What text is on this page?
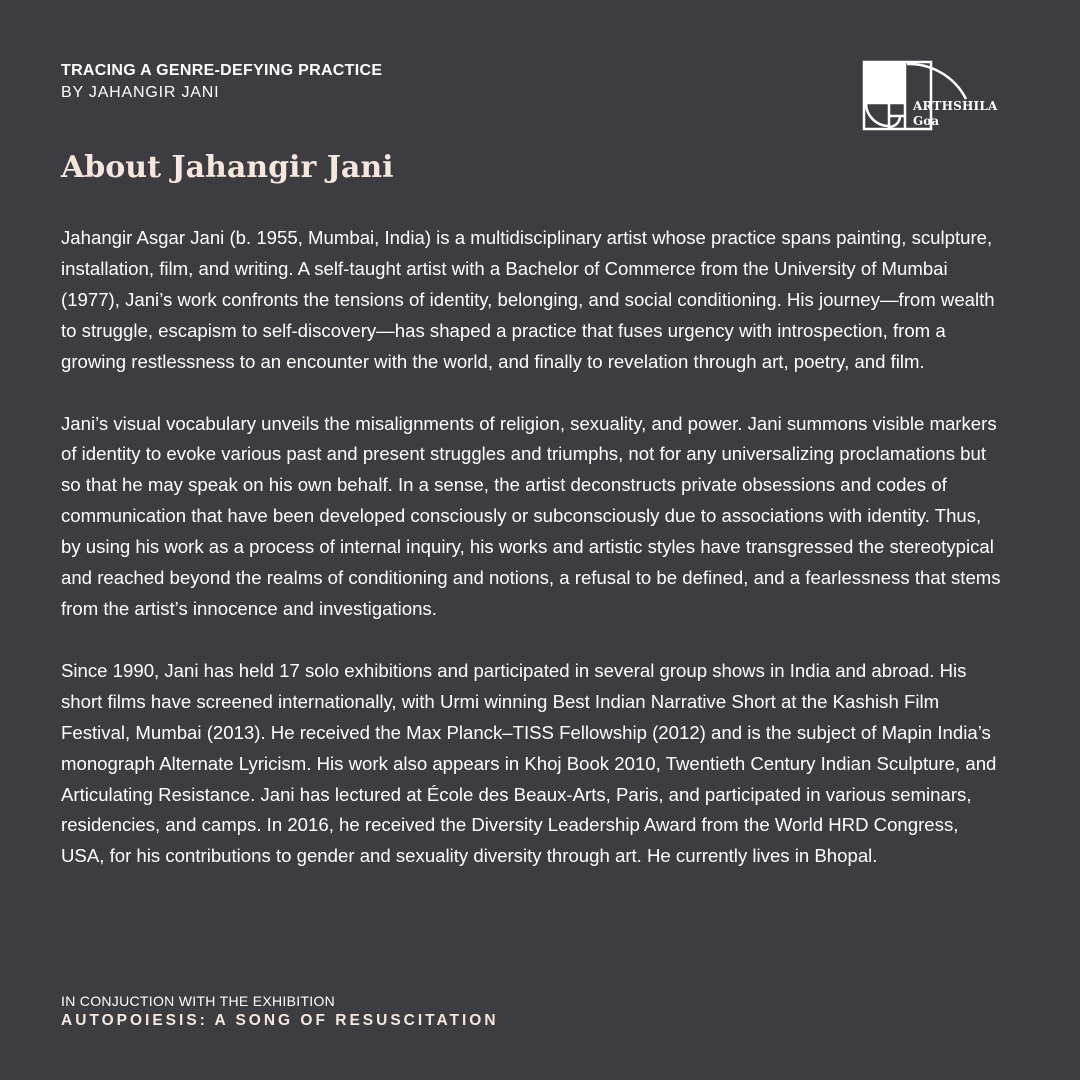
TRACING A GENRE-DEFYING PRACTICE

BY JAHANGIR JANI

ARTHSHILA
Goa
About Jahangir Jani

Jahangir Asgar Jani (b. 1955, Mumbai, India) is a multidisciplinary artist whose practice spans painting, sculpture, installation, film, and writing. A self-taught artist with a Bachelor of Commerce from the University of Mumbai (1977), Jani’s work confronts the tensions of identity, belonging, and social conditioning. His journey—from wealth to struggle, escapism to self-discovery—has shaped a practice that fuses urgency with introspection, from a growing restlessness to an encounter with the world, and finally to revelation through art, poetry, and film.

Jani’s visual vocabulary unveils the misalignments of religion, sexuality, and power. Jani summons visible markers of identity to evoke various past and present struggles and triumphs, not for any universalizing proclamations but so that he may speak on his own behalf. In a sense, the artist deconstructs private obsessions and codes of communication that have been developed consciously or subconsciously due to associations with identity. Thus, by using his work as a process of internal inquiry, his works and artistic styles have transgressed the stereotypical and reached beyond the realms of conditioning and notions, a refusal to be defined, and a fearlessness that stems from the artist’s innocence and investigations.

Since 1990, Jani has held 17 solo exhibitions and participated in several group shows in India and abroad. His short films have screened internationally, with Urmi winning Best Indian Narrative Short at the Kashish Film Festival, Mumbai (2013). He received the Max Planck–TISS Fellowship (2012) and is the subject of Mapin India’s monograph Alternate Lyricism. His work also appears in Khoj Book 2010, Twentieth Century Indian Sculpture, and Articulating Resistance. Jani has lectured at École des Beaux-Arts, Paris, and participated in various seminars, residencies, and camps. In 2016, he received the Diversity Leadership Award from the World HRD Congress, USA, for his contributions to gender and sexuality diversity through art. He currently lives in Bhopal.

IN CONJUCTION WITH THE EXHIBITION

AUTOPOIESIS: A SONG OF RESUSCITATION
